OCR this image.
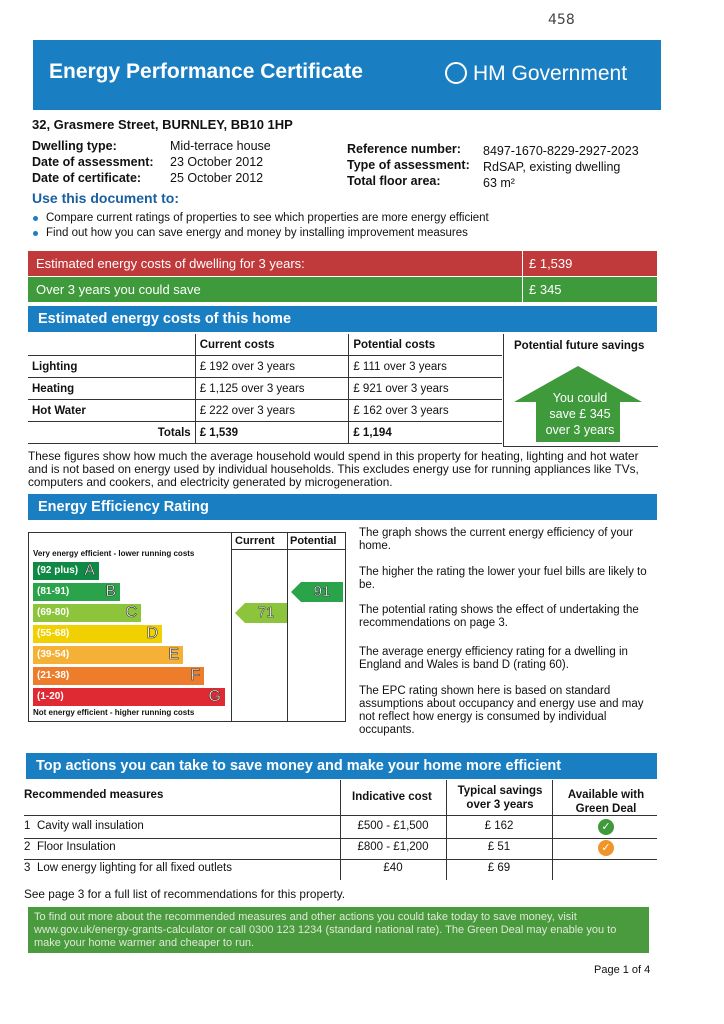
458
Energy Performance Certificate	HM Government
32, Grasmere Street, BURNLEY, BB10 1HP
Dwelling type:	Mid-terrace house
Date of assessment: 23 October 2012
Date of certificate: 25 October 2012
Reference number: 8497-1670-8229-2927-2023
Type of assessment: RdSAP, existing dwelling
Total floor area:	63 m²
Use this document to:
Compare current ratings of properties to see which properties are more energy efficient
Find out how you can save energy and money by installing improvement measures
Estimated energy costs of dwelling for 3 years:	£ 1,539
Over 3 years you could save	£ 345
Estimated energy costs of this home
	Current costs	Potential costs
Lighting	£ 192 over 3 years	£ 111 over 3 years
Heating	£ 1,125 over 3 years	£ 921 over 3 years
Hot Water	£ 222 over 3 years	£ 162 over 3 years
Totals	£ 1,539	£ 1,194
Potential future savings
You could
save £ 345
over 3 years
These figures show how much the average household would spend in this property for heating, lighting and hot water and is not based on energy used by individual households. This excludes energy use for running appliances like TVs, computers and cookers, and electricity generated by microgeneration.
Energy Efficiency Rating
Current Potential
Very energy efficient - lower running costs
Not energy efficient - higher running costs
(92 plus) A
(81-91) B
(69-80)	C
(55-68)	D
(39-54)	E
(21-38)	F
(1-20)	G
71
91
The graph shows the current energy efficiency of your home.
The higher the rating the lower your fuel bills are likely to be.
The potential rating shows the effect of undertaking the recommendations on page 3.
The average energy efficiency rating for a dwelling in England and Wales is band D (rating 60).
The EPC rating shown here is based on standard assumptions about occupancy and energy use and may not reflect how energy is consumed by individual occupants.
Top actions you can take to save money and make your home more efficient
Recommended measures	Indicative cost	Typical savings
over 3 years
Available with
Green Deal
1 Cavity wall insulation	£500 - £1,500	£ 162	✓
2 Floor Insulation	£800 - £1,200	£ 51	✓
3 Low energy lighting for all fixed outlets	£40	£ 69
See page 3 for a full list of recommendations for this property.
To find out more about the recommended measures and other actions you could take today to save money, visit www.gov.uk/energy-grants-calculator or call 0300 123 1234 (standard national rate). The Green Deal may enable you to make your home warmer and cheaper to run.
Page 1 of 4
